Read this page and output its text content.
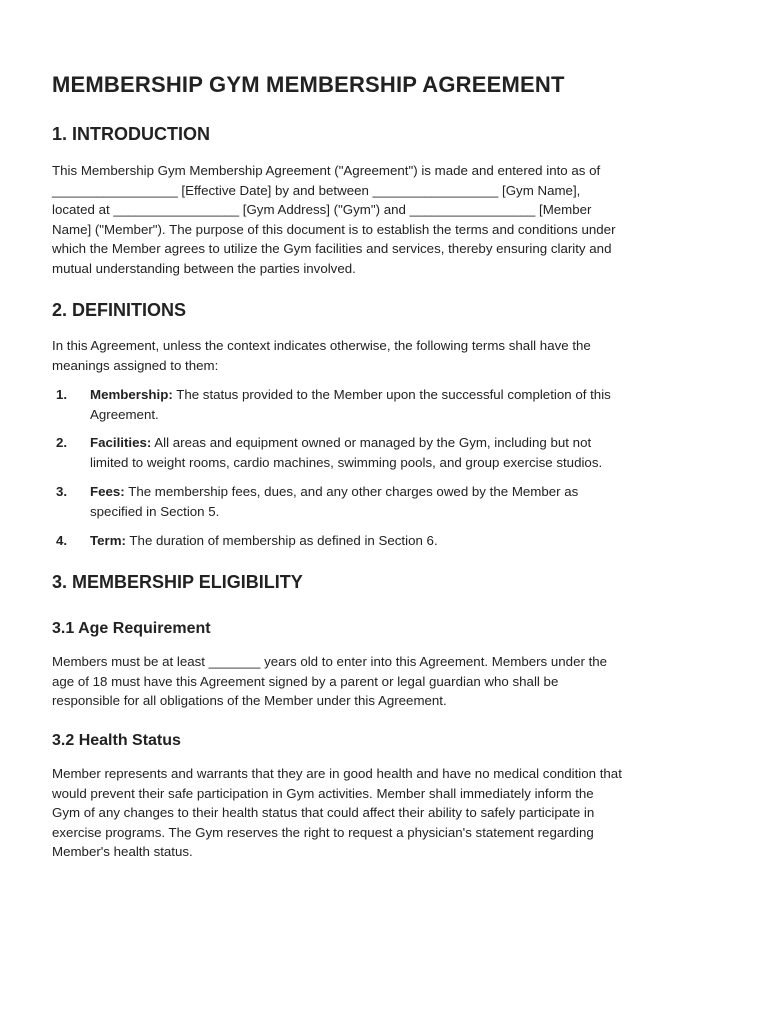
MEMBERSHIP GYM MEMBERSHIP AGREEMENT
1. INTRODUCTION

This Membership Gym Membership Agreement ("Agreement") is made and entered into as of
_________________ [Effective Date] by and between _________________ [Gym Name],
located at _________________ [Gym Address] ("Gym") and _________________ [Member
Name] ("Member"). The purpose of this document is to establish the terms and conditions under
which the Member agrees to utilize the Gym facilities and services, thereby ensuring clarity and
mutual understanding between the parties involved.

2. DEFINITIONS

In this Agreement, unless the context indicates otherwise, the following terms shall have the
meanings assigned to them:

1. Membership: The status provided to the Member upon the successful completion of this
Agreement.
2. Facilities: All areas and equipment owned or managed by the Gym, including but not
limited to weight rooms, cardio machines, swimming pools, and group exercise studios.
3. Fees: The membership fees, dues, and any other charges owed by the Member as
specified in Section 5.
4. Term: The duration of membership as defined in Section 6.
3. MEMBERSHIP ELIGIBILITY
3.1 Age Requirement

Members must be at least _______ years old to enter into this Agreement. Members under the
age of 18 must have this Agreement signed by a parent or legal guardian who shall be
responsible for all obligations of the Member under this Agreement.

3.2 Health Status

Member represents and warrants that they are in good health and have no medical condition that
would prevent their safe participation in Gym activities. Member shall immediately inform the
Gym of any changes to their health status that could affect their ability to safely participate in
exercise programs. The Gym reserves the right to request a physician's statement regarding
Member's health status.
